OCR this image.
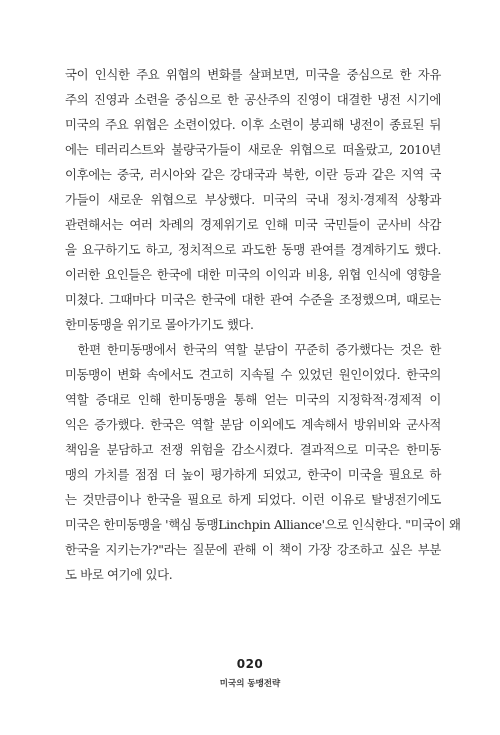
국이 인식한 주요 위협의 변화를 살펴보면, 미국을 중심으로 한 자유
주의 진영과 소련을 중심으로 한 공산주의 진영이 대결한 냉전 시기에
미국의 주요 위협은 소련이었다. 이후 소련이 붕괴해 냉전이 종료된 뒤
에는 테러리스트와 불량국가들이 새로운 위협으로 떠올랐고, 2010년
이후에는 중국, 러시아와 같은 강대국과 북한, 이란 등과 같은 지역 국
가들이 새로운 위협으로 부상했다. 미국의 국내 정치·경제적 상황과
관련해서는 여러 차례의 경제위기로 인해 미국 국민들이 군사비 삭감
을 요구하기도 하고, 정치적으로 과도한 동맹 관여를 경계하기도 했다.
이러한 요인들은 한국에 대한 미국의 이익과 비용, 위협 인식에 영향을
미쳤다. 그때마다 미국은 한국에 대한 관여 수준을 조정했으며, 때로는
한미동맹을 위기로 몰아가기도 했다.
한편 한미동맹에서 한국의 역할 분담이 꾸준히 증가했다는 것은 한
미동맹이 변화 속에서도 견고히 지속될 수 있었던 원인이었다. 한국의
역할 증대로 인해 한미동맹을 통해 얻는 미국의 지정학적·경제적 이
익은 증가했다. 한국은 역할 분담 이외에도 계속해서 방위비와 군사적
책임을 분담하고 전쟁 위험을 감소시켰다. 결과적으로 미국은 한미동
맹의 가치를 점점 더 높이 평가하게 되었고, 한국이 미국을 필요로 하
는 것만큼이나 한국을 필요로 하게 되었다. 이런 이유로 탈냉전기에도
미국은 한미동맹을 '핵심 동맹Linchpin Alliance'으로 인식한다. "미국이 왜
한국을 지키는가?"라는 질문에 관해 이 책이 가장 강조하고 싶은 부분
도 바로 여기에 있다.
020
미국의 동맹전략
